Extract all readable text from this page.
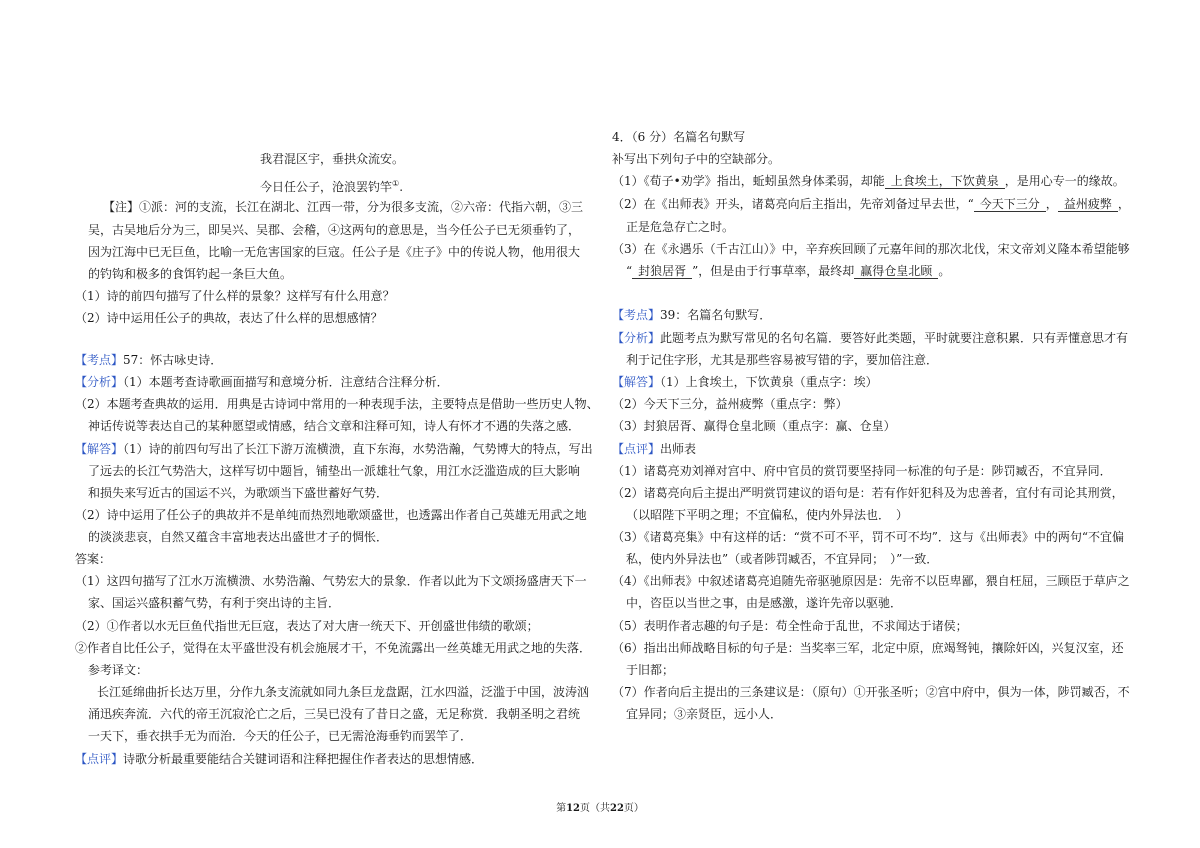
我君混区宇，垂拱众流安。
今日任公子，沧浪罢钓竿①.
【注】①派：河的支流，长江在湖北、江西一带，分为很多支流，②六帝：代指六朝，③三
吴，古吴地后分为三，即吴兴、吴郡、会稽，④这两句的意思是，当今任公子已无须垂钓了，
因为江海中已无巨鱼，比喻一无危害国家的巨寇。任公子是《庄子》中的传说人物，他用很大
的钓钩和极多的食饵钓起一条巨大鱼。
（1）诗的前四句描写了什么样的景象？这样写有什么用意？
（2）诗中运用任公子的典故，表达了什么样的思想感情？
【考点】57：怀古咏史诗．
【分析】（1）本题考查诗歌画面描写和意境分析．注意结合注释分析．
（2）本题考查典故的运用．用典是古诗词中常用的一种表现手法，主要特点是借助一些历史人物、
神话传说等表达自己的某种愿望或情感，结合文章和注释可知，诗人有怀才不遇的失落之感．
【解答】（1）诗的前四句写出了长江下游万流横溃，直下东海，水势浩瀚，气势博大的特点，写出
了远去的长江气势浩大，这样写切中题旨，铺垫出一派雄壮气象，用江水泛滥造成的巨大影响
和损失来写近古的国运不兴，为歌颂当下盛世蓄好气势．
（2）诗中运用了任公子的典故并不是单纯而热烈地歌颂盛世，也透露出作者自己英雄无用武之地
的淡淡悲哀，自然又蕴含丰富地表达出盛世才子的惆怅．
答案：
（1）这四句描写了江水万流横溃、水势浩瀚、气势宏大的景象．作者以此为下文颂扬盛唐天下一
家、国运兴盛积蓄气势，有利于突出诗的主旨．
（2）①作者以水无巨鱼代指世无巨寇，表达了对大唐一统天下、开创盛世伟绩的歌颂；
②作者自比任公子，觉得在太平盛世没有机会施展才干，不免流露出一丝英雄无用武之地的失落．
参考译文：
长江延绵曲折长达万里，分作九条支流就如同九条巨龙盘踞，江水四溢，泛滥于中国，波涛汹
涌迅疾奔流．六代的帝王沉寂沦亡之后，三吴已没有了昔日之盛，无足称赏．我朝圣明之君统
一天下，垂衣拱手无为而治．今天的任公子，已无需沧海垂钓而罢竿了．
【点评】诗歌分析最重要能结合关键词语和注释把握住作者表达的思想情感．
4．（6 分）名篇名句默写
补写出下列句子中的空缺部分。
（1）《荀子•劝学》指出，蚯蚓虽然身体柔弱，却能 上食埃土，下饮黄泉 ，是用心专一的缘故。
（2）在《出师表》开头，诸葛亮向后主指出，先帝刘备过早去世，“ 今天下三分 ， 益州疲弊 ，
正是危急存亡之时。
（3）在《永遇乐（千古江山）》中，辛弃疾回顾了元嘉年间的那次北伐，宋文帝刘义隆本希望能够
“ 封狼居胥 ”，但是由于行事草率，最终却 赢得仓皇北顾 。
【考点】39：名篇名句默写．
【分析】此题考点为默写常见的名句名篇．要答好此类题，平时就要注意积累．只有弄懂意思才有
利于记住字形，尤其是那些容易被写错的字，要加倍注意．
【解答】（1）上食埃土，下饮黄泉（重点字：埃）
（2）今天下三分，益州疲弊（重点字：弊）
（3）封狼居胥、赢得仓皇北顾（重点字：赢、仓皇）
【点评】出师表
（1）诸葛亮劝刘禅对宫中、府中官员的赏罚要坚持同一标准的句子是：陟罚臧否，不宜异同．
（2）诸葛亮向后主提出严明赏罚建议的语句是：若有作奸犯科及为忠善者，宜付有司论其刑赏，
（以昭陛下平明之理；不宜偏私，使内外异法也．　）
（3）《诸葛亮集》中有这样的话：“赏不可不平，罚不可不均”．这与《出师表》中的两句“不宜偏
私，使内外异法也”（或者陟罚臧否，不宜异同；　）”一致．
（4）《出师表》中叙述诸葛亮追随先帝驱驰原因是：先帝不以臣卑鄙，猥自枉屈，三顾臣于草庐之
中，咨臣以当世之事，由是感激，遂许先帝以驱驰．
（5）表明作者志趣的句子是：苟全性命于乱世，不求闻达于诸侯；
（6）指出出师战略目标的句子是：当奖率三军，北定中原，庶竭驽钝，攘除奸凶，兴复汉室，还
于旧都；
（7）作者向后主提出的三条建议是：（原句）①开张圣听；②宫中府中，俱为一体，陟罚臧否，不
宜异同；③亲贤臣，远小人．
第12页（共22页）
